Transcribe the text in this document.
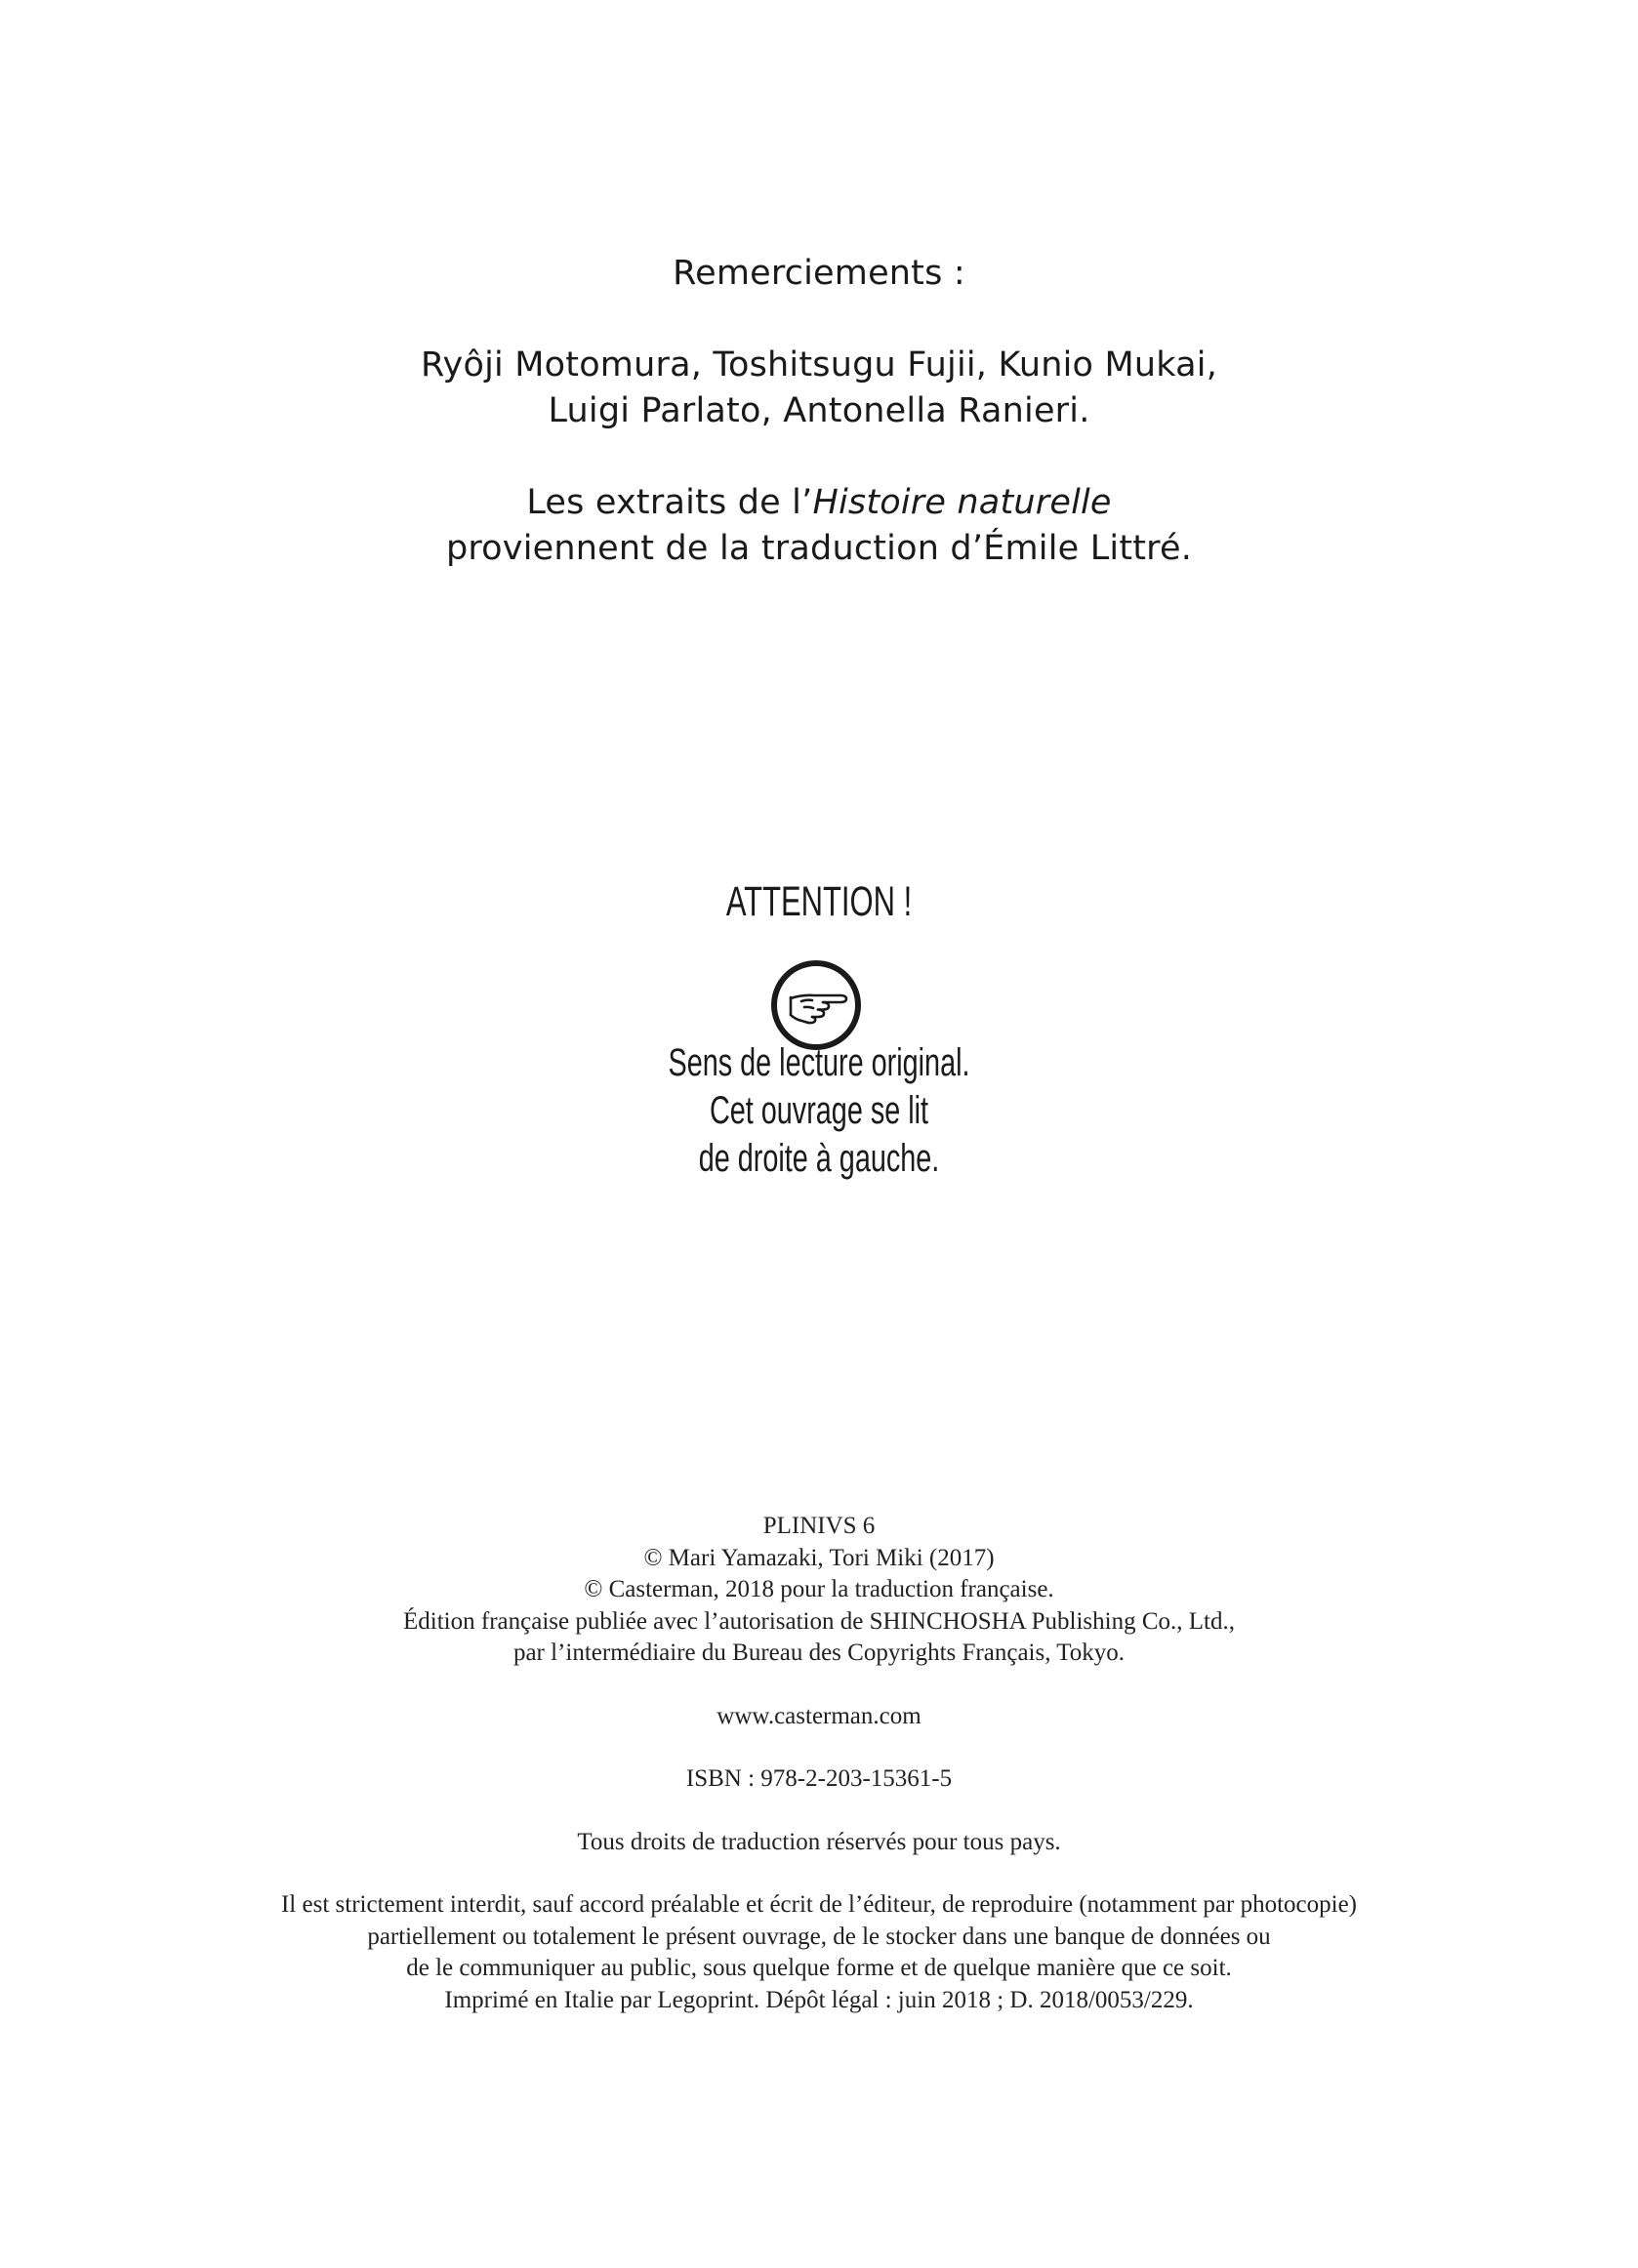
Remerciements :
Ryôji Motomura, Toshitsugu Fujii, Kunio Mukai,
Luigi Parlato, Antonella Ranieri.
Les extraits de l’Histoire naturelle
proviennent de la traduction d’Émile Littré.
ATTENTION !
Sens de lecture original.
Cet ouvrage se lit
de droite à gauche.
PLINIVS 6
© Mari Yamazaki, Tori Miki (2017)
© Casterman, 2018 pour la traduction française.
Édition française publiée avec l’autorisation de SHINCHOSHA Publishing Co., Ltd.,
par l’intermédiaire du Bureau des Copyrights Français, Tokyo.
www.casterman.com
ISBN : 978-2-203-15361-5
Tous droits de traduction réservés pour tous pays.
Il est strictement interdit, sauf accord préalable et écrit de l’éditeur, de reproduire (notamment par photocopie)
partiellement ou totalement le présent ouvrage, de le stocker dans une banque de données ou
de le communiquer au public, sous quelque forme et de quelque manière que ce soit.
Imprimé en Italie par Legoprint. Dépôt légal : juin 2018 ; D. 2018/0053/229.
